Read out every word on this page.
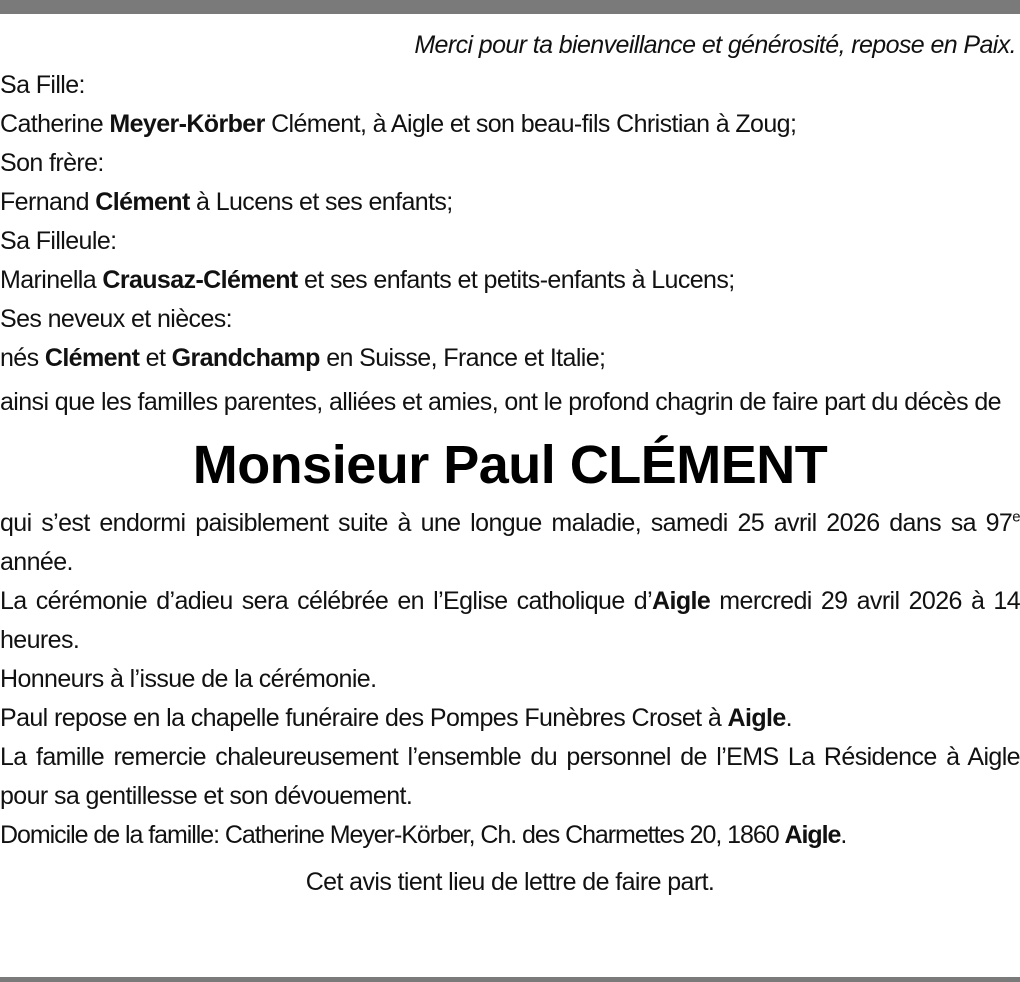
Merci pour ta bienveillance et générosité, repose en Paix.
Sa Fille:
Catherine Meyer-Körber Clément, à Aigle et son beau-fils Christian à Zoug;
Son frère:
Fernand Clément à Lucens et ses enfants;
Sa Filleule:
Marinella Crausaz-Clément et ses enfants et petits-enfants à Lucens;
Ses neveux et nièces:
nés Clément et Grandchamp en Suisse, France et Italie;
ainsi que les familles parentes, alliées et amies, ont le profond chagrin de faire part du décès de
Monsieur Paul CLÉMENT
qui s’est endormi paisiblement suite à une longue maladie, samedi 25 avril 2026 dans sa 97e année.
La cérémonie d’adieu sera célébrée en l’Eglise catholique d’Aigle mercredi 29 avril 2026 à 14 heures.
Honneurs à l’issue de la cérémonie.
Paul repose en la chapelle funéraire des Pompes Funèbres Croset à Aigle.
La famille remercie chaleureusement l’ensemble du personnel de l’EMS La Résidence à Aigle pour sa gentillesse et son dévouement.
Domicile de la famille: Catherine Meyer-Körber, Ch. des Charmettes 20, 1860 Aigle.
Cet avis tient lieu de lettre de faire part.
